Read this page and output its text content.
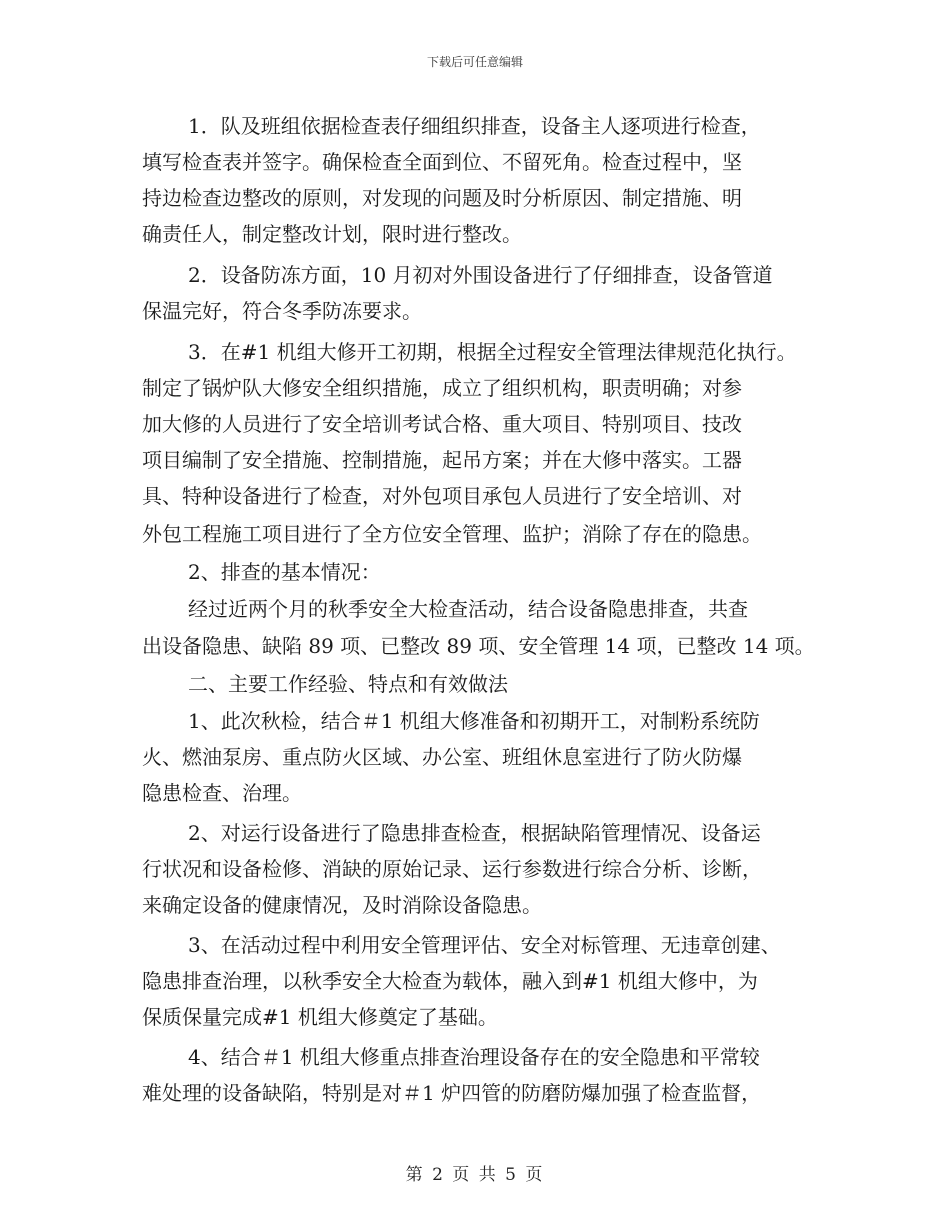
下载后可任意编辑
1．队及班组依据检查表仔细组织排查，设备主人逐项进行检查，
填写检查表并签字。确保检查全面到位、不留死角。检查过程中，坚
持边检查边整改的原则，对发现的问题及时分析原因、制定措施、明
确责任人，制定整改计划，限时进行整改。
2．设备防冻方面，10 月初对外围设备进行了仔细排查，设备管道
保温完好，符合冬季防冻要求。
3．在#1 机组大修开工初期，根据全过程安全管理法律规范化执行。
制定了锅炉队大修安全组织措施，成立了组织机构，职责明确；对参
加大修的人员进行了安全培训考试合格、重大项目、特别项目、技改
项目编制了安全措施、控制措施，起吊方案；并在大修中落实。工器
具、特种设备进行了检查，对外包项目承包人员进行了安全培训、对
外包工程施工项目进行了全方位安全管理、监护；消除了存在的隐患。
2、排查的基本情况：
经过近两个月的秋季安全大检查活动，结合设备隐患排查，共查
出设备隐患、缺陷 89 项、已整改 89 项、安全管理 14 项，已整改 14 项。
二、主要工作经验、特点和有效做法
1、此次秋检，结合＃1 机组大修准备和初期开工，对制粉系统防
火、燃油泵房、重点防火区域、办公室、班组休息室进行了防火防爆
隐患检查、治理。
2、对运行设备进行了隐患排查检查，根据缺陷管理情况、设备运
行状况和设备检修、消缺的原始记录、运行参数进行综合分析、诊断，
来确定设备的健康情况，及时消除设备隐患。
3、在活动过程中利用安全管理评估、安全对标管理、无违章创建、
隐患排查治理，以秋季安全大检查为载体，融入到#1 机组大修中，为
保质保量完成#1 机组大修奠定了基础。
4、结合＃1 机组大修重点排查治理设备存在的安全隐患和平常较
难处理的设备缺陷，特别是对＃1 炉四管的防磨防爆加强了检查监督，
第 2 页 共 5 页
